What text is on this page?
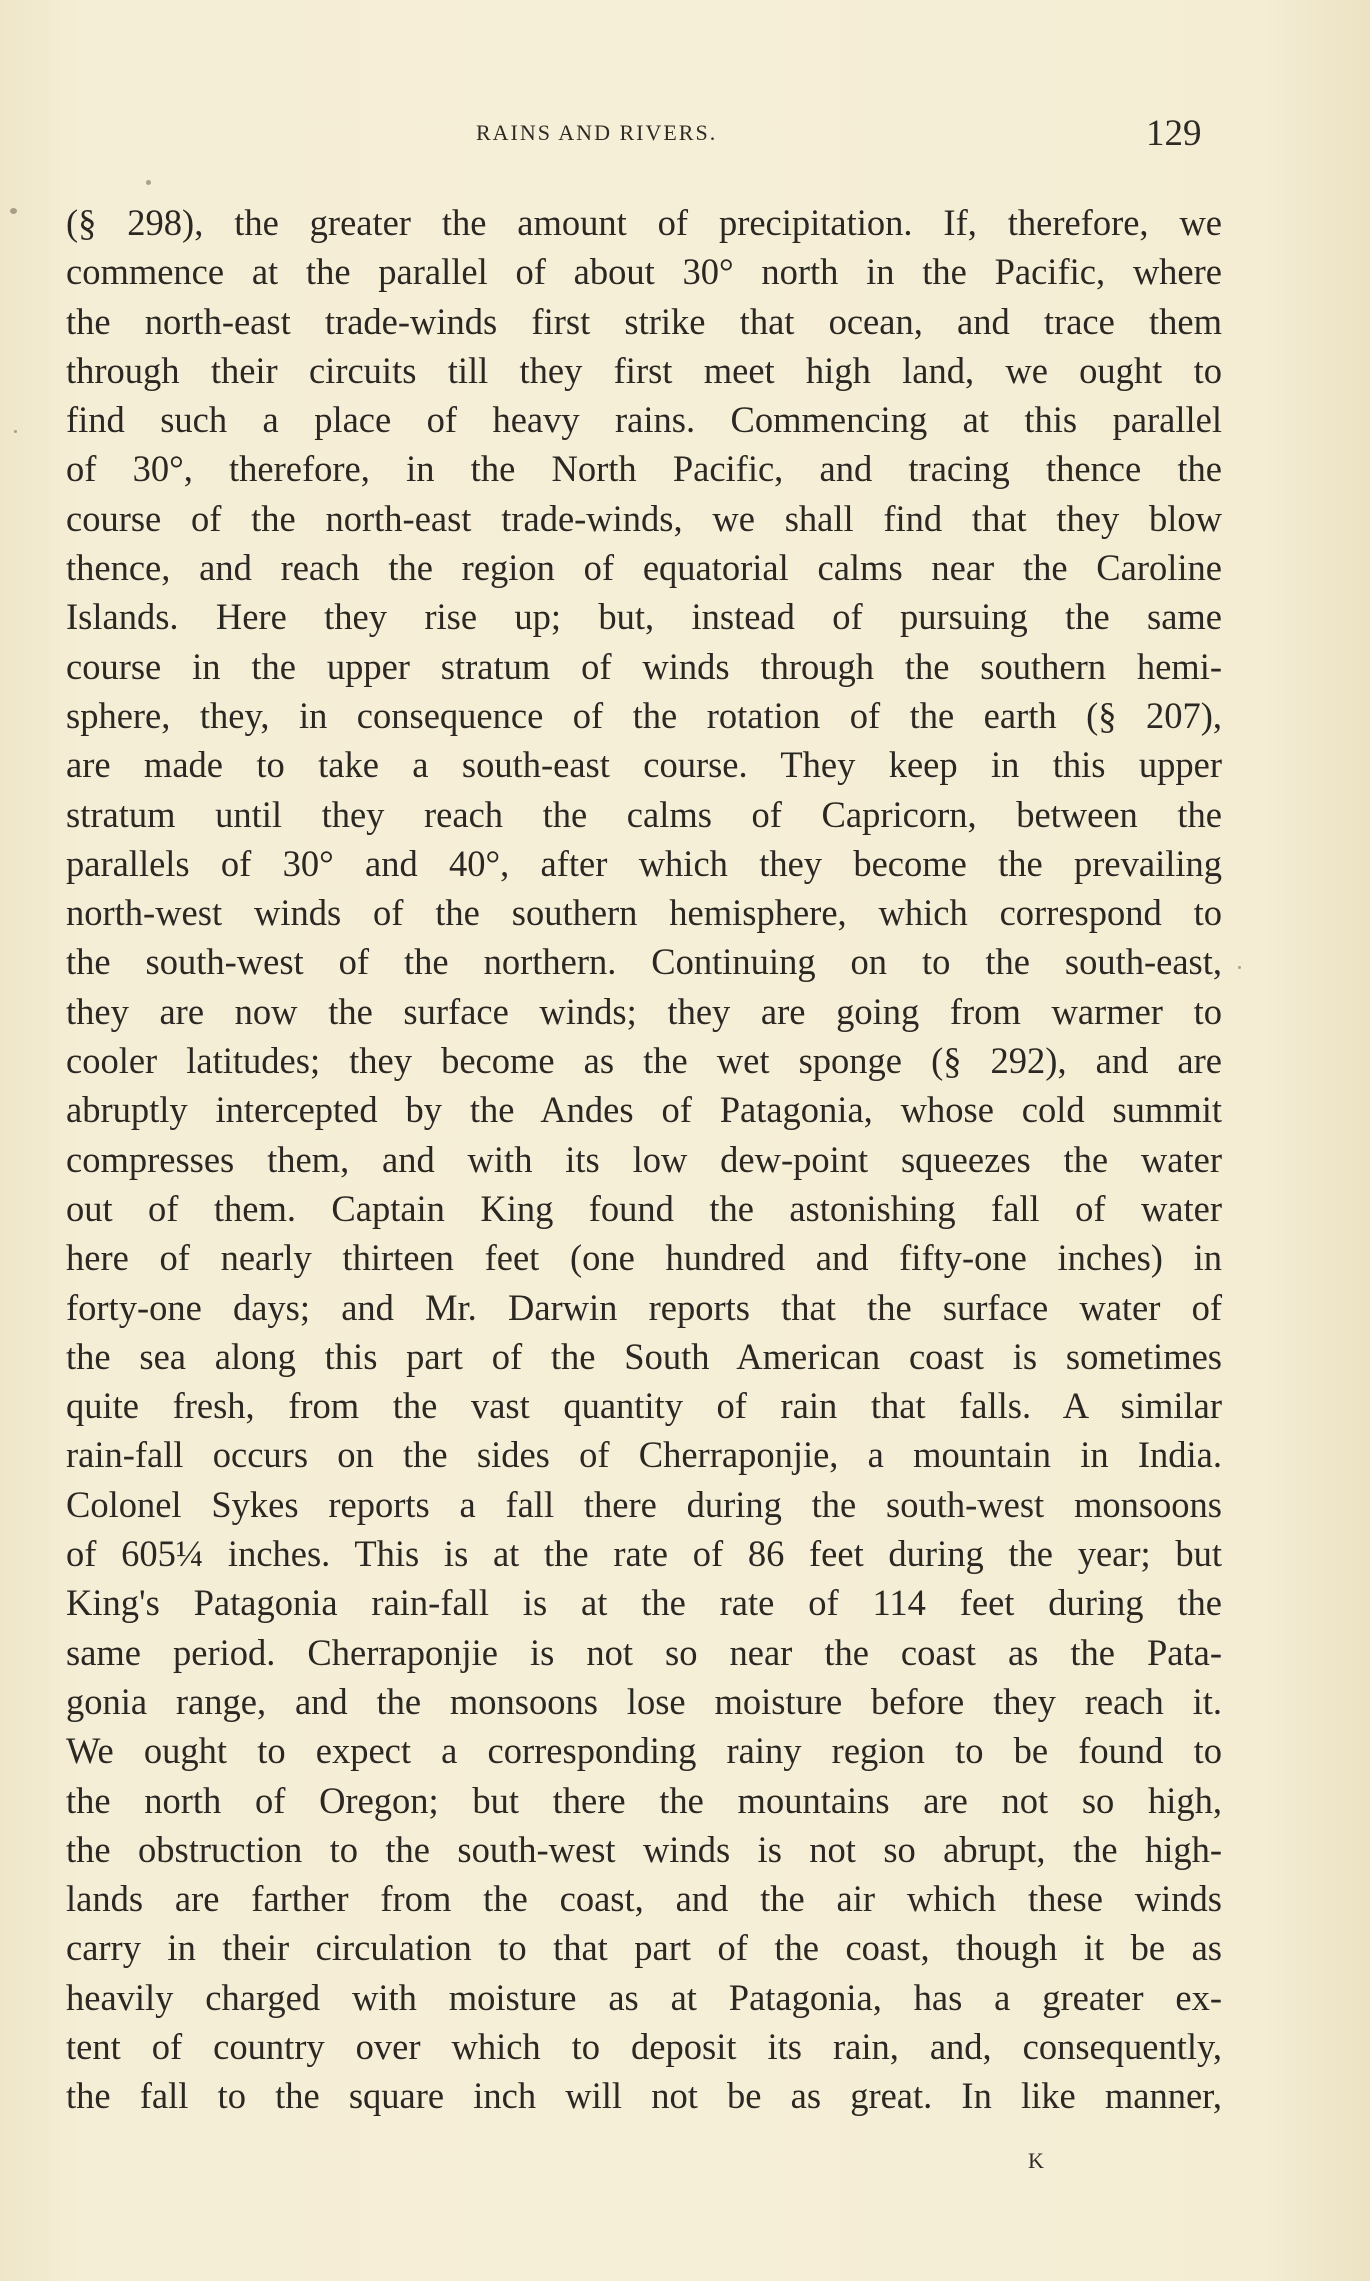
RAINS AND RIVERS.	129
(§ 298), the greater the amount of precipitation. If, therefore, we
commence at the parallel of about 30° north in the Pacific, where
the north-east trade-winds first strike that ocean, and trace them
through their circuits till they first meet high land, we ought to
find such a place of heavy rains. Commencing at this parallel
of 30°, therefore, in the North Pacific, and tracing thence the
course of the north-east trade-winds, we shall find that they blow
thence, and reach the region of equatorial calms near the Caroline
Islands. Here they rise up; but, instead of pursuing the same
course in the upper stratum of winds through the southern hemi-
sphere, they, in consequence of the rotation of the earth (§ 207),
are made to take a south-east course. They keep in this upper
stratum until they reach the calms of Capricorn, between the
parallels of 30° and 40°, after which they become the prevailing
north-west winds of the southern hemisphere, which correspond to
the south-west of the northern. Continuing on to the south-east,
they are now the surface winds; they are going from warmer to
cooler latitudes; they become as the wet sponge (§ 292), and are
abruptly intercepted by the Andes of Patagonia, whose cold summit
compresses them, and with its low dew-point squeezes the water
out of them. Captain King found the astonishing fall of water
here of nearly thirteen feet (one hundred and fifty-one inches) in
forty-one days; and Mr. Darwin reports that the surface water of
the sea along this part of the South American coast is sometimes
quite fresh, from the vast quantity of rain that falls. A similar
rain-fall occurs on the sides of Cherraponjie, a mountain in India.
Colonel Sykes reports a fall there during the south-west monsoons
of 605¼ inches. This is at the rate of 86 feet during the year; but
King's Patagonia rain-fall is at the rate of 114 feet during the
same period. Cherraponjie is not so near the coast as the Pata-
gonia range, and the monsoons lose moisture before they reach it.
We ought to expect a corresponding rainy region to be found to
the north of Oregon; but there the mountains are not so high,
the obstruction to the south-west winds is not so abrupt, the high-
lands are farther from the coast, and the air which these winds
carry in their circulation to that part of the coast, though it be as
heavily charged with moisture as at Patagonia, has a greater ex-
tent of country over which to deposit its rain, and, consequently,
the fall to the square inch will not be as great. In like manner,
K
